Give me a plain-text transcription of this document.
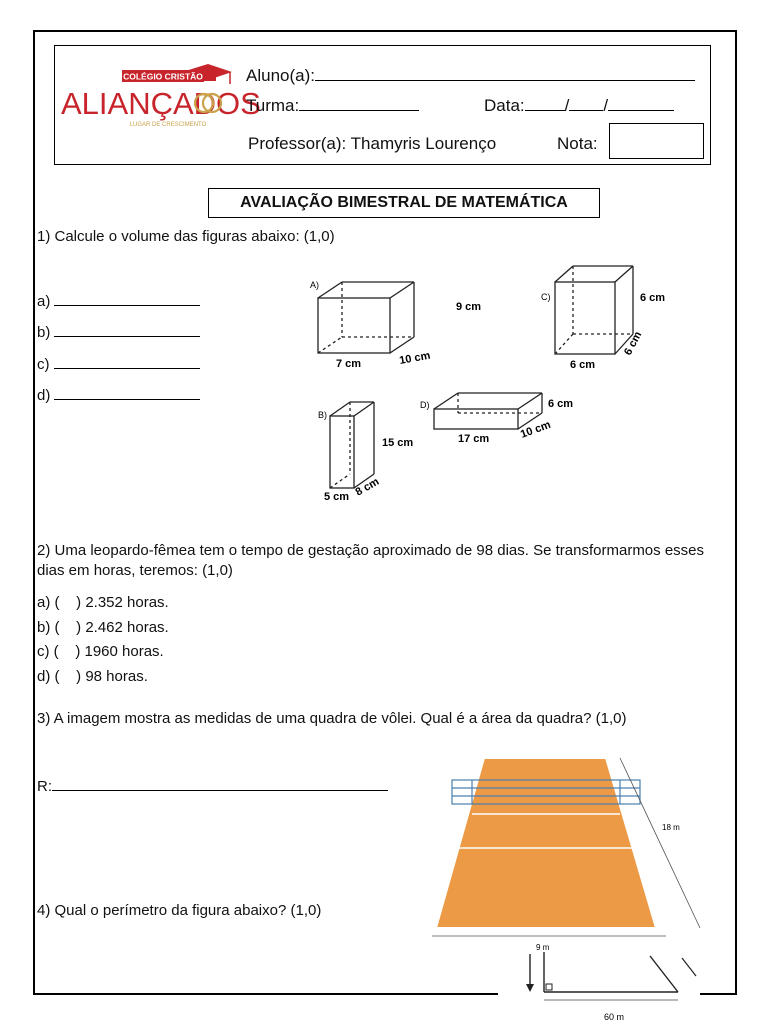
COLÉGIO CRISTÃO
ALIANÇADOS
LUGAR DE CRESCIMENTO
Aluno(a):
Turma:	Data: / /
Professor(a): Thamyris Lourenço	Nota:
AVALIAÇÃO BIMESTRAL DE MATEMÁTICA
1) Calcule o volume das figuras abaixo: (1,0)
a)
b)
c)
d)
A)
9 cm
7 cm	10 cm
C)	6 cm
6 cm
6 cm
B)
15 cm
5 cm 8 cm
D)	6 cm
17 cm	10 cm
2) Uma leopardo-fêmea tem o tempo de gestação aproximado de 98 dias. Se transformarmos esses
dias em horas, teremos: (1,0)
a) (    ) 2.352 horas.
b) (    ) 2.462 horas.
c) (    ) 1960 horas.
d) (    ) 98 horas.
3) A imagem mostra as medidas de uma quadra de vôlei. Qual é a área da quadra? (1,0)
R:
18 m
9 m
4) Qual o perímetro da figura abaixo? (1,0)
60 m
